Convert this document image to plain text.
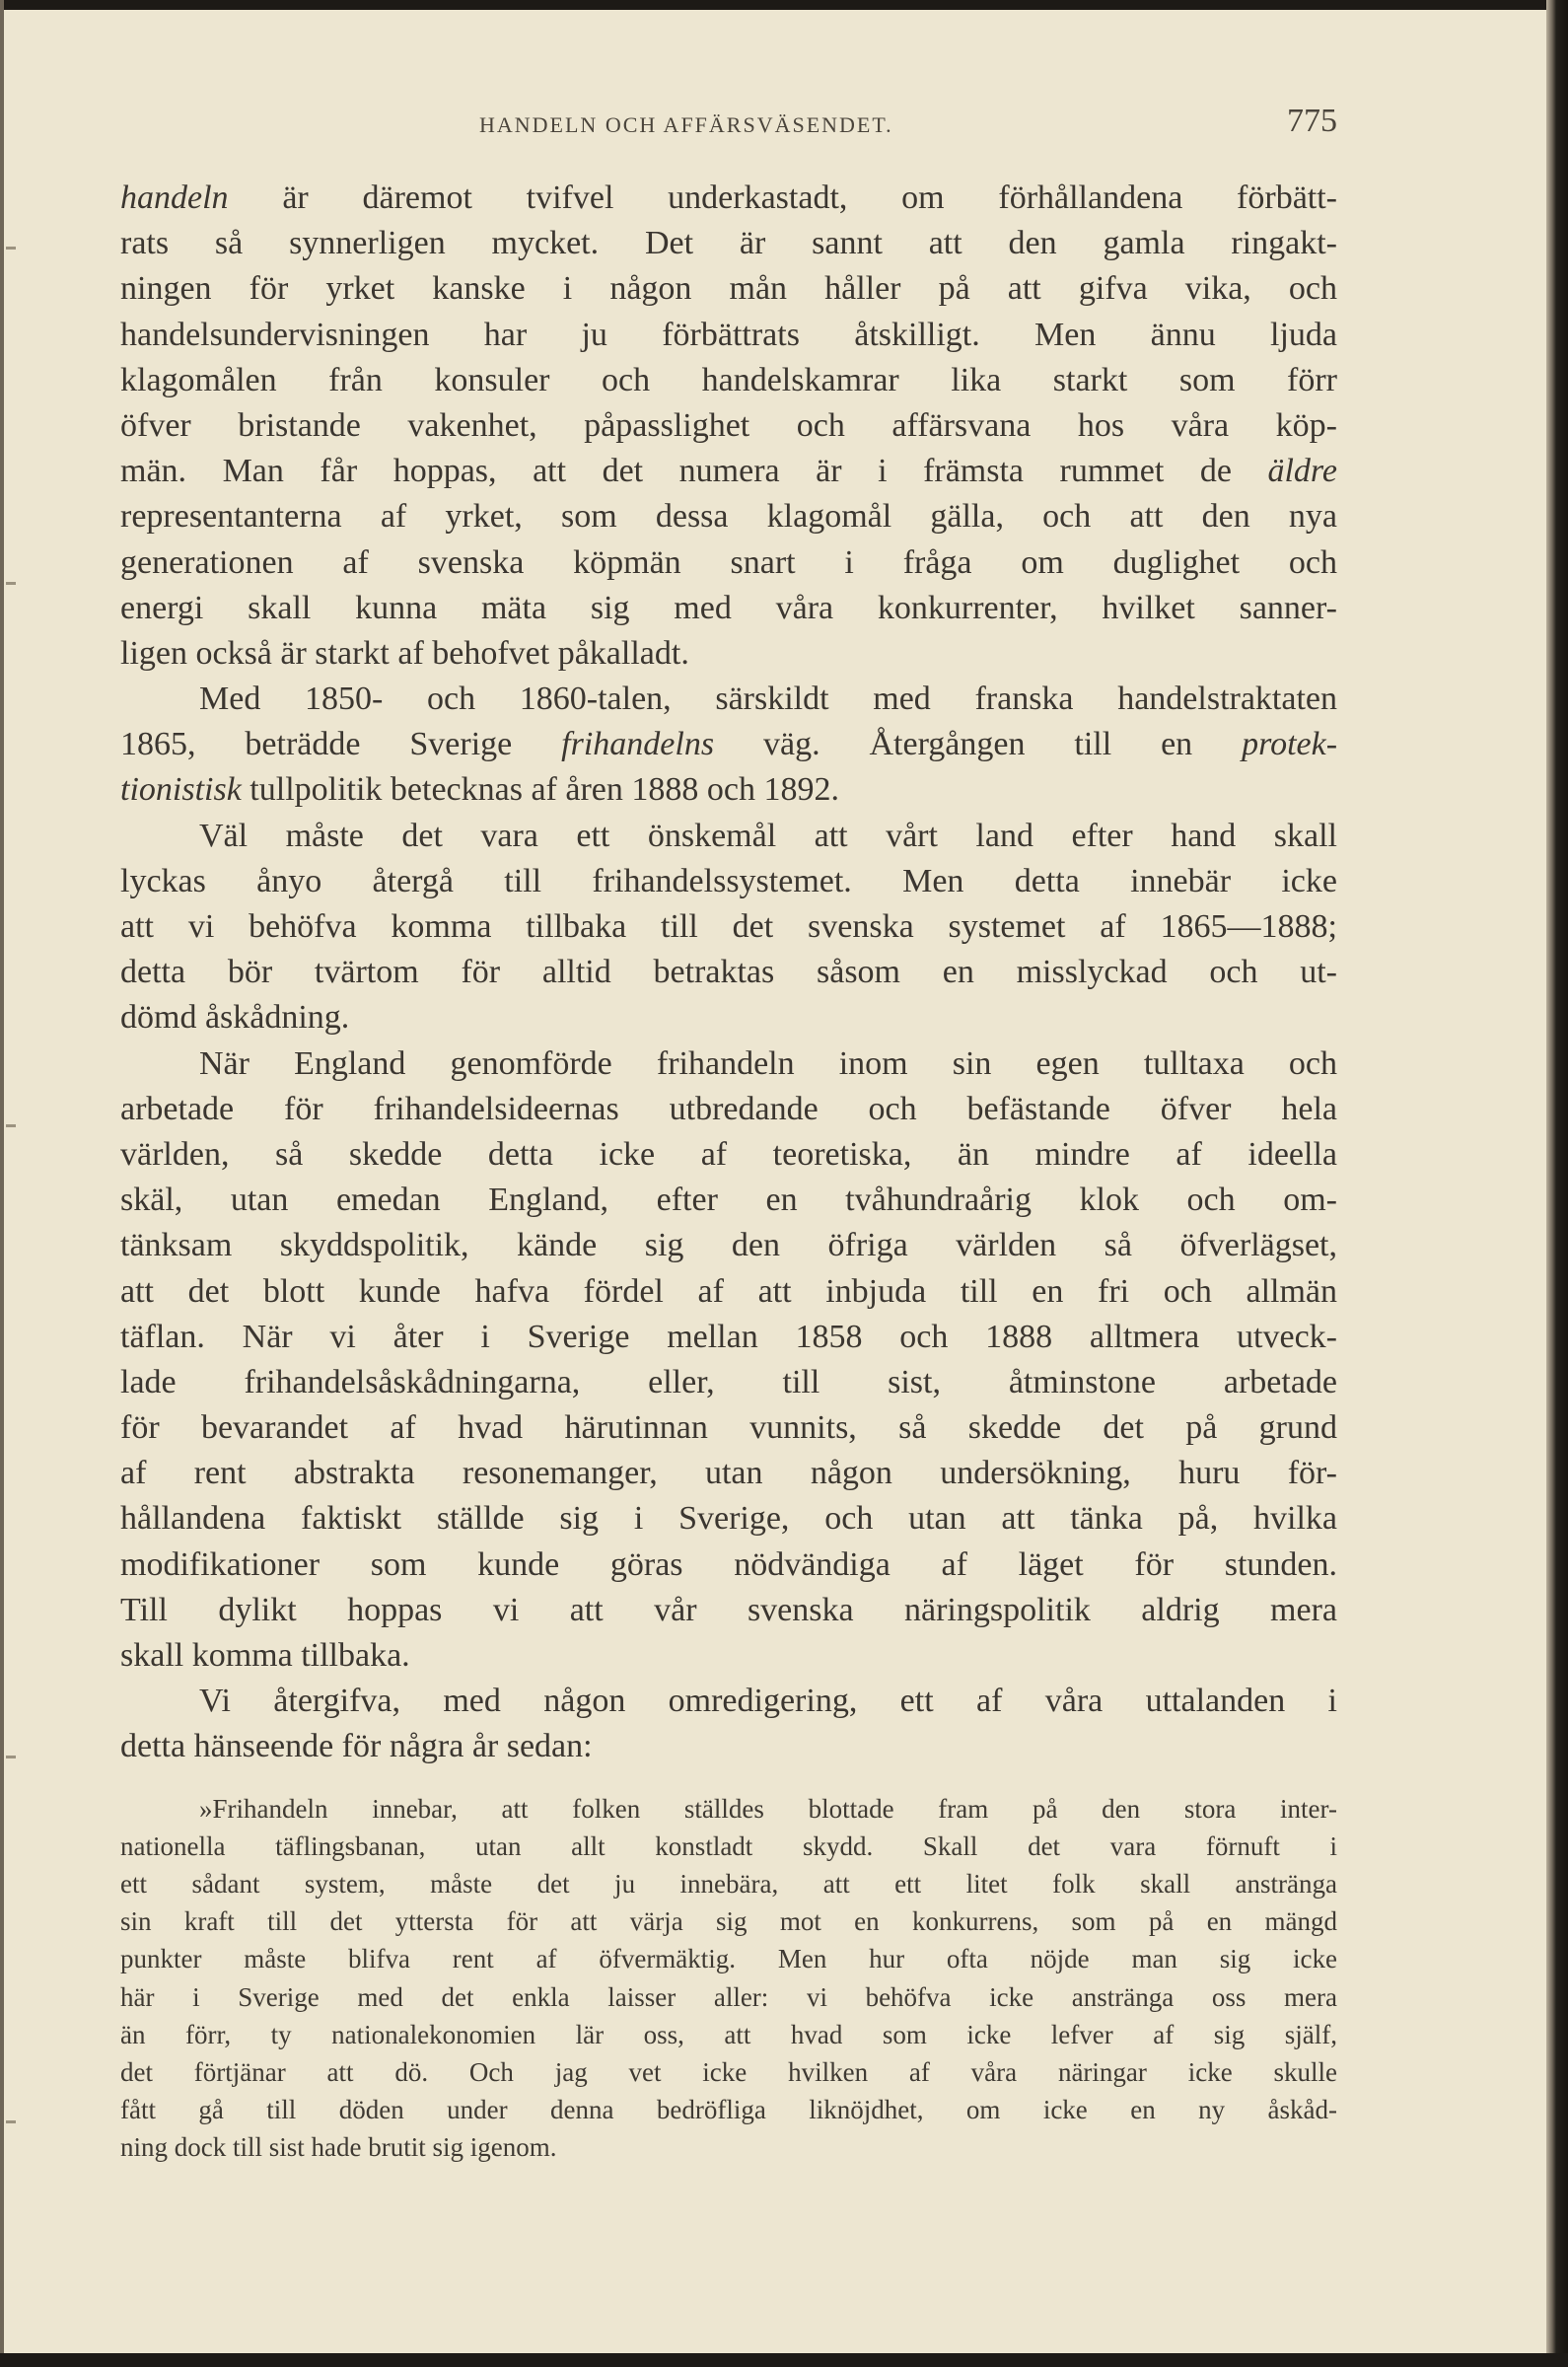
HANDELN OCH AFFÄRSVÄSENDET.	775
handeln är däremot tvifvel underkastadt, om förhållandena förbätt-
rats så synnerligen mycket. Det är sannt att den gamla ringakt-
ningen för yrket kanske i någon mån håller på att gifva vika, och
handelsundervisningen har ju förbättrats åtskilligt. Men ännu ljuda
klagomålen från konsuler och handelskamrar lika starkt som förr
öfver bristande vakenhet, påpasslighet och affärsvana hos våra köp-
män. Man får hoppas, att det numera är i främsta rummet de äldre
representanterna af yrket, som dessa klagomål gälla, och att den nya
generationen af svenska köpmän snart i fråga om duglighet och
energi skall kunna mäta sig med våra konkurrenter, hvilket sanner-
ligen också är starkt af behofvet påkalladt.
Med 1850- och 1860-talen, särskildt med franska handelstraktaten
1865, beträdde Sverige frihandelns väg. Återgången till en protek-
tionistisk tullpolitik betecknas af åren 1888 och 1892.
Väl måste det vara ett önskemål att vårt land efter hand skall
lyckas ånyo återgå till frihandelssystemet. Men detta innebär icke
att vi behöfva komma tillbaka till det svenska systemet af 1865—1888;
detta bör tvärtom för alltid betraktas såsom en misslyckad och ut-
dömd åskådning.
När England genomförde frihandeln inom sin egen tulltaxa och
arbetade för frihandelsideernas utbredande och befästande öfver hela
världen, så skedde detta icke af teoretiska, än mindre af ideella
skäl, utan emedan England, efter en tvåhundraårig klok och om-
tänksam skyddspolitik, kände sig den öfriga världen så öfverlägset,
att det blott kunde hafva fördel af att inbjuda till en fri och allmän
täflan. När vi åter i Sverige mellan 1858 och 1888 alltmera utveck-
lade frihandelsåskådningarna, eller, till sist, åtminstone arbetade
för bevarandet af hvad härutinnan vunnits, så skedde det på grund
af rent abstrakta resonemanger, utan någon undersökning, huru för-
hållandena faktiskt ställde sig i Sverige, och utan att tänka på, hvilka
modifikationer som kunde göras nödvändiga af läget för stunden.
Till dylikt hoppas vi att vår svenska näringspolitik aldrig mera
skall komma tillbaka.
Vi återgifva, med någon omredigering, ett af våra uttalanden i
detta hänseende för några år sedan:
»Frihandeln innebar, att folken ställdes blottade fram på den stora inter-
nationella täflingsbanan, utan allt konstladt skydd. Skall det vara förnuft i
ett sådant system, måste det ju innebära, att ett litet folk skall anstränga
sin kraft till det yttersta för att värja sig mot en konkurrens, som på en mängd
punkter måste blifva rent af öfvermäktig. Men hur ofta nöjde man sig icke
här i Sverige med det enkla laisser aller: vi behöfva icke anstränga oss mera
än förr, ty nationalekonomien lär oss, att hvad som icke lefver af sig själf,
det förtjänar att dö. Och jag vet icke hvilken af våra näringar icke skulle
fått gå till döden under denna bedröfliga liknöjdhet, om icke en ny åskåd-
ning dock till sist hade brutit sig igenom.
